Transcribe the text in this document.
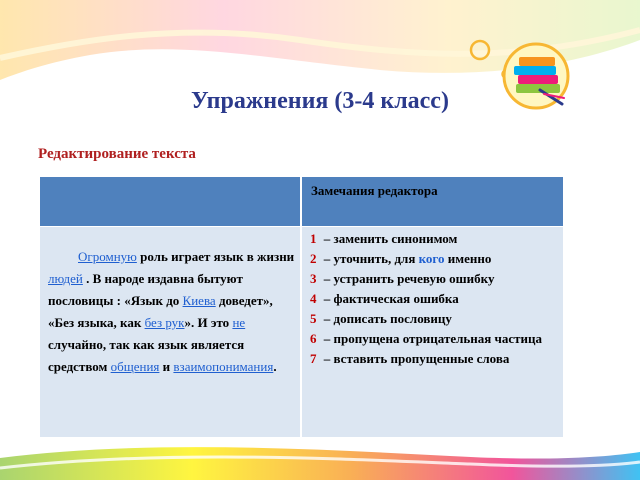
Упражнения (3-4 класс)
Редактирование текста
Замечания редактора

Огромную роль играет язык в жизни людей . В народе издавна бытуют пословицы : «Язык до Киева доведет», «Без языка, как без рук». И это не случайно, так как язык является средством общения и взаимопонимания.

1 – заменить синонимом
2 – уточнить, для кого именно
3 – устранить речевую ошибку
4 – фактическая ошибка
5 – дописать пословицу
6 – пропущена отрицательная частица
7 – вставить пропущенные слова
